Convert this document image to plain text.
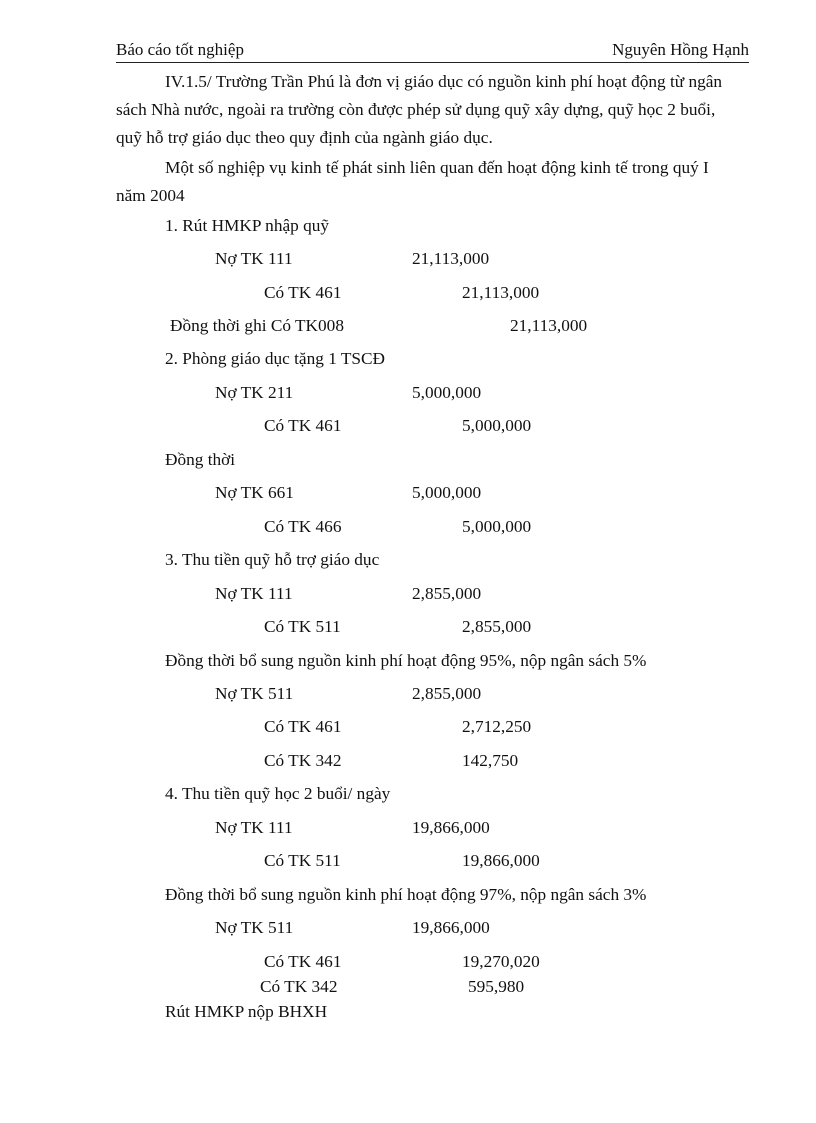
Báo cáo tốt nghiệp	Nguyên Hồng Hạnh
IV.1.5/ Trường Trần Phú là đơn vị giáo dục có nguồn kinh phí hoạt động từ ngân sách Nhà nước, ngoài ra trường còn được phép sử dụng quỹ xây dựng, quỹ học 2 buổi, quỹ hỗ trợ giáo dục theo quy định của ngành giáo dục.
Một số nghiệp vụ kinh tế phát sinh liên quan đến hoạt động kinh tế trong quý I năm 2004
1. Rút HMKP nhập quỹ
Nợ TK 111	21,113,000
Có TK 461	21,113,000
Đồng thời ghi Có TK008	21,113,000
2. Phòng giáo dục tặng 1 TSCĐ
Nợ TK 211	5,000,000
Có TK 461	5,000,000
Đồng thời
Nợ TK 661	5,000,000
Có TK 466	5,000,000
3. Thu tiền quỹ hỗ trợ giáo dục
Nợ TK 111	2,855,000
Có TK 511	2,855,000
Đồng thời bổ sung nguồn kinh phí hoạt động 95%, nộp ngân sách 5%
Nợ TK 511	2,855,000
Có TK 461	2,712,250
Có TK 342	142,750
4. Thu tiền quỹ học 2 buổi/ ngày
Nợ TK 111	19,866,000
Có TK 511	19,866,000
Đồng thời bổ sung nguồn kinh phí hoạt động 97%, nộp ngân sách 3%
Nợ TK 511	19,866,000
Có TK 461	19,270,020
Có TK 342	595,980
Rút HMKP nộp BHXH
